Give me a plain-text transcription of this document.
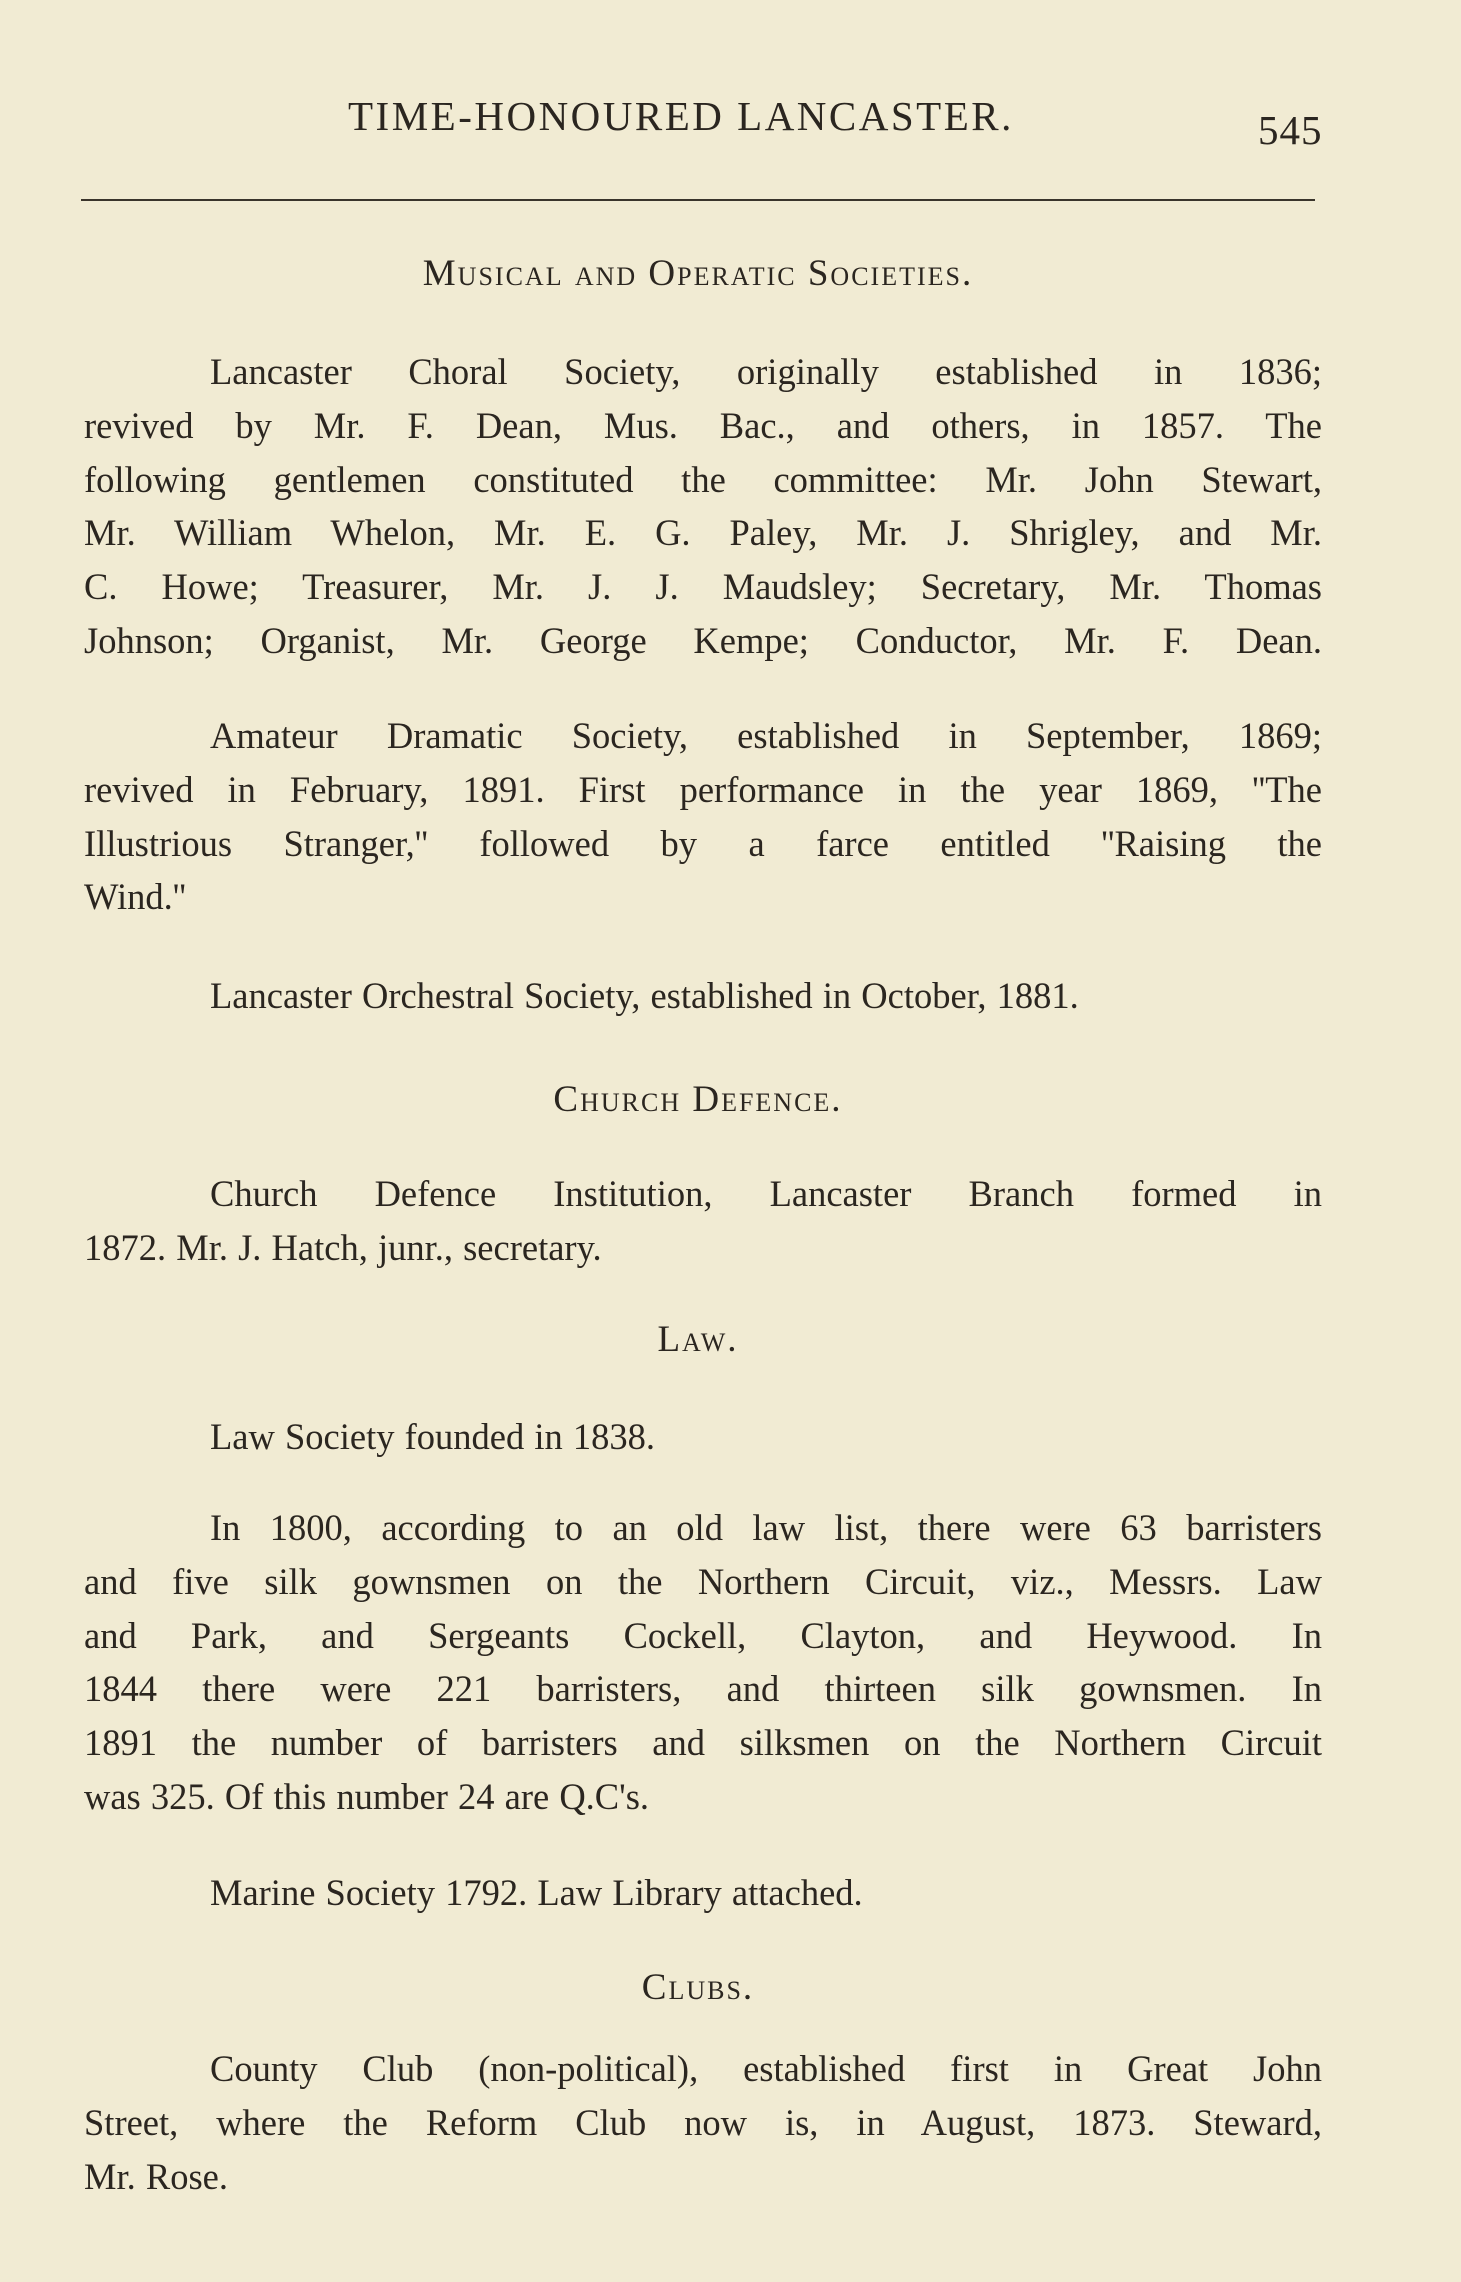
TIME-HONOURED LANCASTER.	545
Musical and Operatic Societies.
Lancaster Choral Society, originally established in 1836;
revived by Mr. F. Dean, Mus. Bac., and others, in 1857. The
following gentlemen constituted the committee: Mr. John Stewart,
Mr. William Whelon, Mr. E. G. Paley, Mr. J. Shrigley, and Mr.
C. Howe; Treasurer, Mr. J. J. Maudsley; Secretary, Mr. Thomas
Johnson; Organist, Mr. George Kempe; Conductor, Mr. F. Dean.
Amateur Dramatic Society, established in September, 1869;
revived in February, 1891. First performance in the year 1869, ''The
Illustrious Stranger,'' followed by a farce entitled ''Raising the
Wind.''
Lancaster Orchestral Society, established in October, 1881.
Church Defence.
Church Defence Institution, Lancaster Branch formed in
1872. Mr. J. Hatch, junr., secretary.
Law.
Law Society founded in 1838.
In 1800, according to an old law list, there were 63 barristers
and five silk gownsmen on the Northern Circuit, viz., Messrs. Law
and Park, and Sergeants Cockell, Clayton, and Heywood. In
1844 there were 221 barristers, and thirteen silk gownsmen. In
1891 the number of barristers and silksmen on the Northern Circuit
was 325. Of this number 24 are Q.C's.
Marine Society 1792. Law Library attached.
Clubs.
County Club (non-political), established first in Great John
Street, where the Reform Club now is, in August, 1873. Steward,
Mr. Rose.
